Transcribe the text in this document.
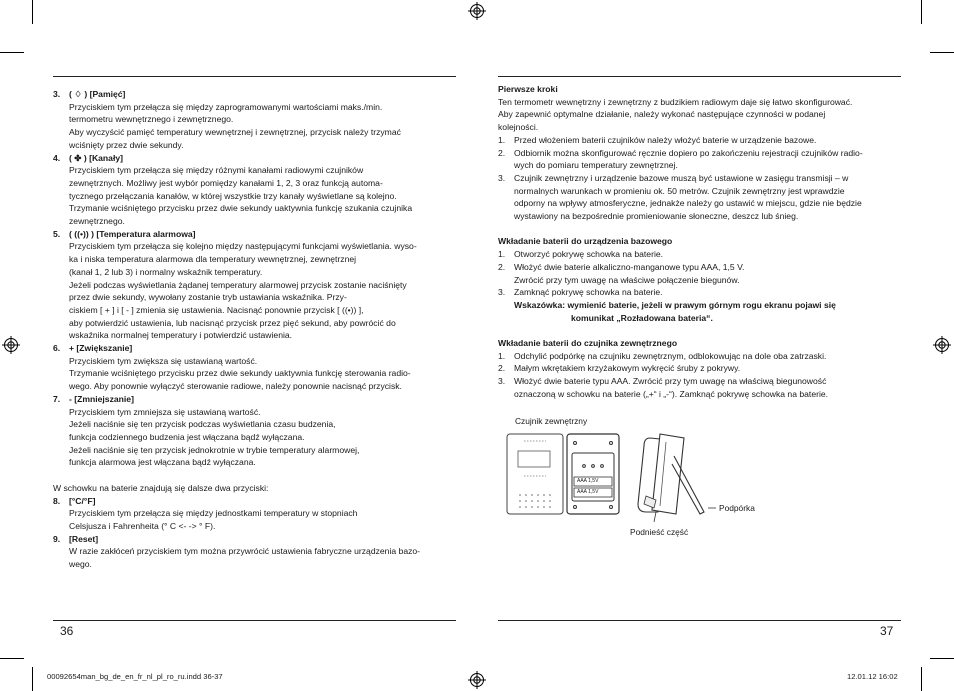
3. ( ♢ ) [Pamięć]
Przyciskiem tym przełącza się między zaprogramowanymi wartościami maks./min.
termometru wewnętrznego i zewnętrznego.
Aby wyczyścić pamięć temperatury wewnętrznej i zewnętrznej, przycisk należy trzymać
wciśnięty przez dwie sekundy.
4. ( ✤ ) [Kanały]
Przyciskiem tym przełącza się między różnymi kanałami radiowymi czujników
zewnętrznych. Możliwy jest wybór pomiędzy kanałami 1, 2, 3 oraz funkcją automa-
tycznego przełączania kanałów, w której wszystkie trzy kanały wyświetlane są kolejno.
Trzymanie wciśniętego przycisku przez dwie sekundy uaktywnia funkcję szukania czujnika
zewnętrznego.
5. ( ((•)) ) [Temperatura alarmowa]
Przyciskiem tym przełącza się kolejno między następującymi funkcjami wyświetlania. wyso-
ka i niska temperatura alarmowa dla temperatury wewnętrznej, zewnętrznej
(kanał 1, 2 lub 3) i normalny wskaźnik temperatury.
Jeżeli podczas wyświetlania żądanej temperatury alarmowej przycisk zostanie naciśnięty
przez dwie sekundy, wywołany zostanie tryb ustawiania wskaźnika. Przy-
ciskiem [ + ] i [ - ] zmienia się ustawienia. Nacisnąć ponownie przycisk [ ((•)) ],
aby potwierdzić ustawienia, lub nacisnąć przycisk przez pięć sekund, aby powrócić do
wskaźnika normalnej temperatury i potwierdzić ustawienia.
6. + [Zwiększanie]
Przyciskiem tym zwiększa się ustawianą wartość.
Trzymanie wciśniętego przycisku przez dwie sekundy uaktywnia funkcję sterowania radio-
wego. Aby ponownie wyłączyć sterowanie radiowe, należy ponownie nacisnąć przycisk.
7. - [Zmniejszanie]
Przyciskiem tym zmniejsza się ustawianą wartość.
Jeżeli naciśnie się ten przycisk podczas wyświetlania czasu budzenia,
funkcja codziennego budzenia jest włączana bądź wyłączana.
Jeżeli naciśnie się ten przycisk jednokrotnie w trybie temperatury alarmowej,
funkcja alarmowa jest włączana bądź wyłączana.

W schowku na baterie znajdują się dalsze dwa przyciski:
8. [°C/°F]
Przyciskiem tym przełącza się między jednostkami temperatury w stopniach
Celsjusza i Fahrenheita (° C <- -> ° F).
9. [Reset]
W razie zakłóceń przyciskiem tym można przywrócić ustawienia fabryczne urządzenia bazo-
wego.
36
Pierwsze kroki
Ten termometr wewnętrzny i zewnętrzny z budzikiem radiowym daje się łatwo skonfigurować.
Aby zapewnić optymalne działanie, należy wykonać następujące czynności w podanej
kolejności.
1.	Przed włożeniem baterii czujników należy włożyć baterie w urządzenie bazowe.
2.	Odbiornik można skonfigurować ręcznie dopiero po zakończeniu rejestracji czujników radio-
wych do pomiaru temperatury zewnętrznej.
3.	Czujnik zewnętrzny i urządzenie bazowe muszą być ustawione w zasięgu transmisji – w
normalnych warunkach w promieniu ok. 50 metrów. Czujnik zewnętrzny jest wprawdzie
odporny na wpływy atmosferyczne, jednakże należy go ustawić w miejscu, gdzie nie będzie
wystawiony na bezpośrednie promieniowanie słoneczne, deszcz lub śnieg.

Wkładanie baterii do urządzenia bazowego
1.	Otworzyć pokrywę schowka na baterie.
2.	Włożyć dwie baterie alkaliczno-manganowe typu AAA, 1,5 V.
Zwrócić przy tym uwagę na właściwe połączenie biegunów.
3.	Zamknąć pokrywę schowka na baterie.
Wskazówka: wymienić baterie, jeżeli w prawym górnym rogu ekranu pojawi się
komunikat „Rozładowana bateria“.

Wkładanie baterii do czujnika zewnętrznego
1.	Odchylić podpórkę na czujniku zewnętrznym, odblokowując na dole oba zatrzaski.
2.	Małym wkrętakiem krzyżakowym wykręcić śruby z pokrywy.
3.	Włożyć dwie baterie typu AAA. Zwrócić przy tym uwagę na właściwą biegunowość
oznaczoną w schowku na baterie („+“ i „-“). Zamknąć pokrywę schowka na baterie.
37
Czujnik zewnętrzny
Podpórka
Podnieść część
AAA 1,5V
AAA 1,5V
00092654man_bg_de_en_fr_nl_pl_ro_ru.indd 36-37	12.01.12 16:02
